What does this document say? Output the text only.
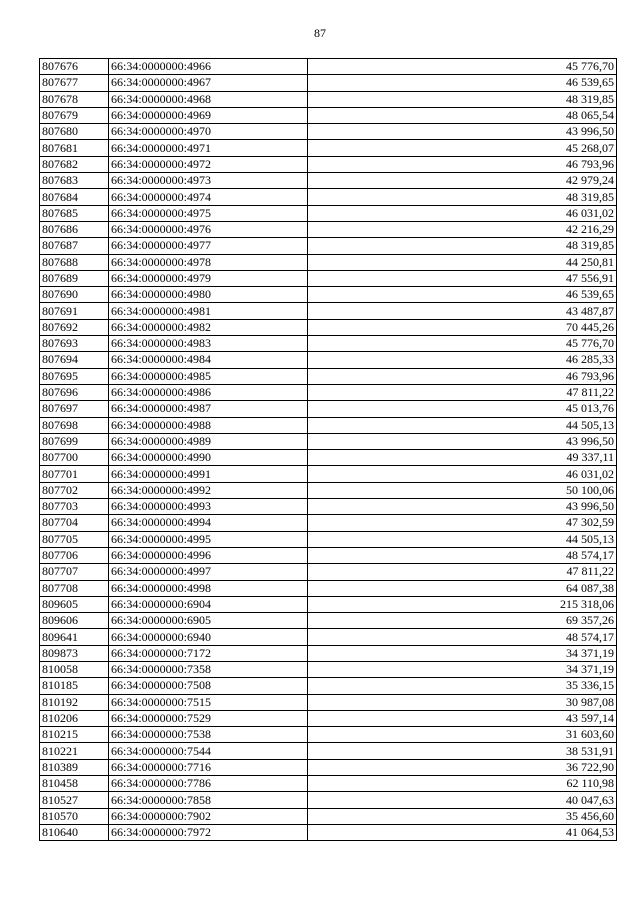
87
807676	66:34:0000000:4966	45 776,70
807677	66:34:0000000:4967	46 539,65
807678	66:34:0000000:4968	48 319,85
807679	66:34:0000000:4969	48 065,54
807680	66:34:0000000:4970	43 996,50
807681	66:34:0000000:4971	45 268,07
807682	66:34:0000000:4972	46 793,96
807683	66:34:0000000:4973	42 979,24
807684	66:34:0000000:4974	48 319,85
807685	66:34:0000000:4975	46 031,02
807686	66:34:0000000:4976	42 216,29
807687	66:34:0000000:4977	48 319,85
807688	66:34:0000000:4978	44 250,81
807689	66:34:0000000:4979	47 556,91
807690	66:34:0000000:4980	46 539,65
807691	66:34:0000000:4981	43 487,87
807692	66:34:0000000:4982	70 445,26
807693	66:34:0000000:4983	45 776,70
807694	66:34:0000000:4984	46 285,33
807695	66:34:0000000:4985	46 793,96
807696	66:34:0000000:4986	47 811,22
807697	66:34:0000000:4987	45 013,76
807698	66:34:0000000:4988	44 505,13
807699	66:34:0000000:4989	43 996,50
807700	66:34:0000000:4990	49 337,11
807701	66:34:0000000:4991	46 031,02
807702	66:34:0000000:4992	50 100,06
807703	66:34:0000000:4993	43 996,50
807704	66:34:0000000:4994	47 302,59
807705	66:34:0000000:4995	44 505,13
807706	66:34:0000000:4996	48 574,17
807707	66:34:0000000:4997	47 811,22
807708	66:34:0000000:4998	64 087,38
809605	66:34:0000000:6904	215 318,06
809606	66:34:0000000:6905	69 357,26
809641	66:34:0000000:6940	48 574,17
809873	66:34:0000000:7172	34 371,19
810058	66:34:0000000:7358	34 371,19
810185	66:34:0000000:7508	35 336,15
810192	66:34:0000000:7515	30 987,08
810206	66:34:0000000:7529	43 597,14
810215	66:34:0000000:7538	31 603,60
810221	66:34:0000000:7544	38 531,91
810389	66:34:0000000:7716	36 722,90
810458	66:34:0000000:7786	62 110,98
810527	66:34:0000000:7858	40 047,63
810570	66:34:0000000:7902	35 456,60
810640	66:34:0000000:7972	41 064,53
